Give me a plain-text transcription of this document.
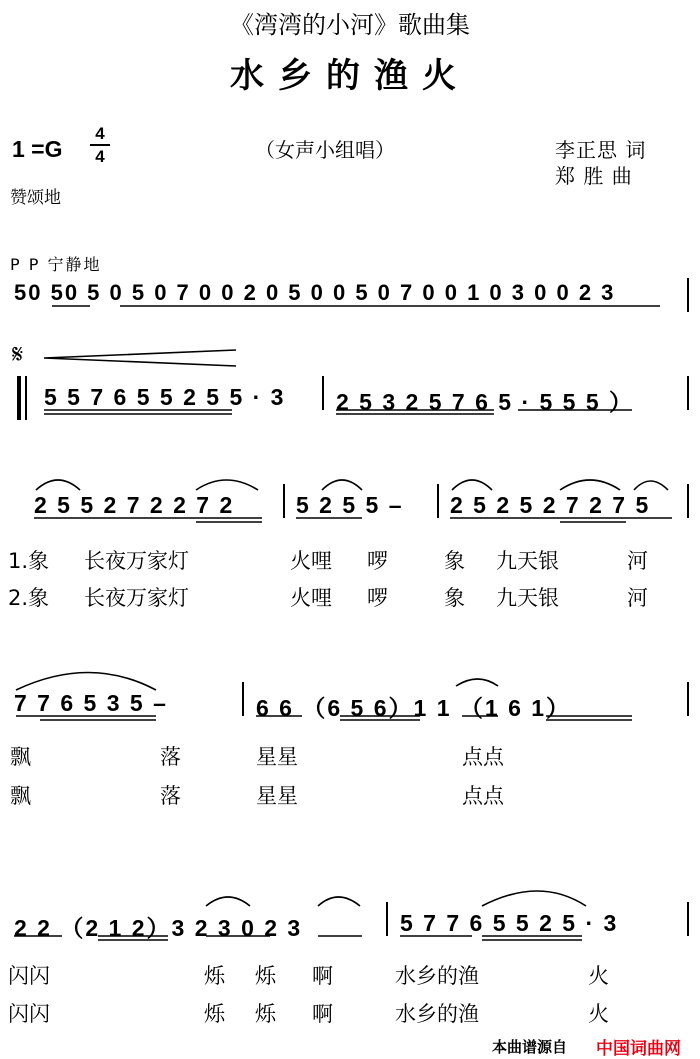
《湾湾的小河》歌曲集
水乡的渔火
1 =G
4
4	（女声小组唱）	李正思 词
郑 胜 曲
赞颂地
P P 宁静地
50 50 5 0 5 0 7 0 0 2 0 5 0 0 5 0 7 0 0 1 0 3 0 0 2 3
𝄋
5 5 7 6 5 5 2 5 5 · 3 2 5 3 2 5 7 6 5 · 5 5 5 ）
2 5 5 2 7 2 2 7 2	5 2 5 5 – 2 5 2 5 2 7 2 7 5
1.象 长夜万家灯	火哩 啰	象 九天银	河
2.象 长夜万家灯	火哩 啰	象 九天银	河
7 7 6 5 3 5 –	6 6 （6 5 6）1 1 （1 6 1）
飘	落	星星	点点
飘	落	星星	点点
2 2 （2 1 2）3 2 3 0 2 3	5 7 7 6 5 5 2 5 · 3
闪闪	烁 烁 啊	水乡的渔	火
闪闪	烁 烁 啊	水乡的渔	火
本曲谱源自 中国词曲网
